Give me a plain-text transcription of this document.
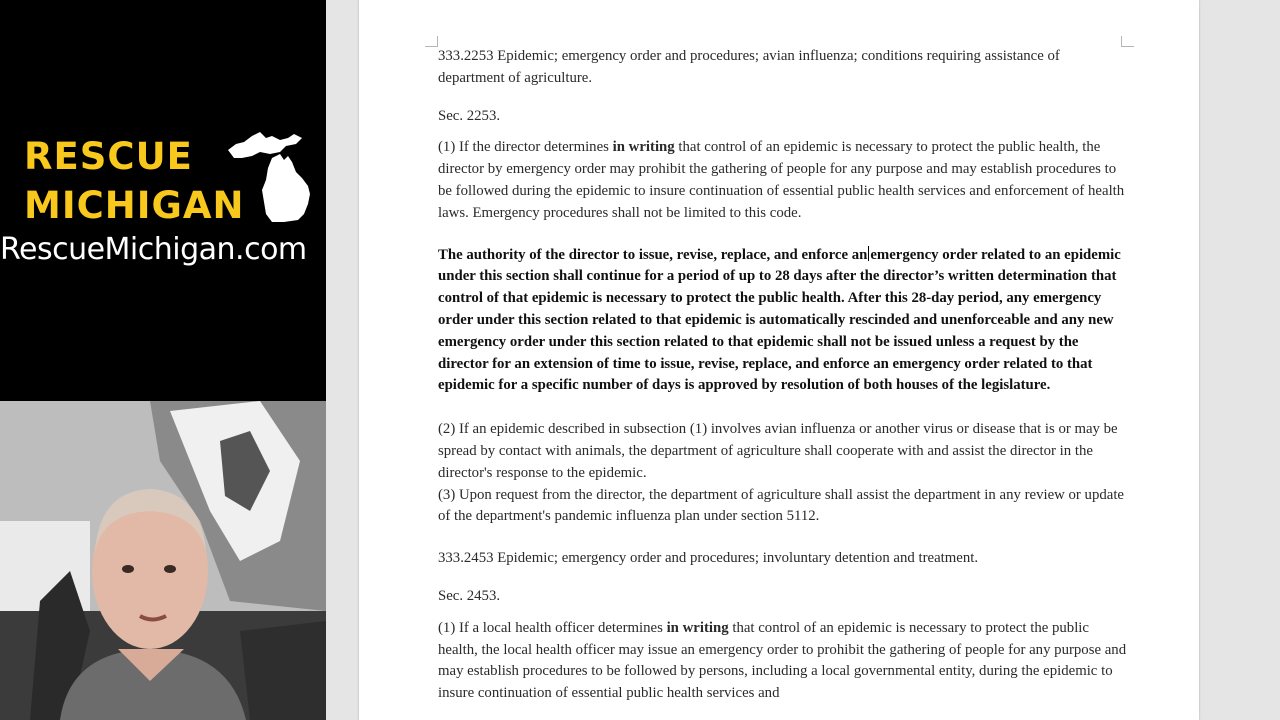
RESCUE
MICHIGAN
RescueMichigan.com

333.2253 Epidemic; emergency order and procedures; avian influenza; conditions requiring assistance of department of agriculture.

Sec. 2253.

(1) If the director determines in writing that control of an epidemic is necessary to protect the public health, the director by emergency order may prohibit the gathering of people for any purpose and may establish procedures to be followed during the epidemic to insure continuation of essential public health services and enforcement of health laws. Emergency procedures shall not be limited to this code.

The authority of the director to issue, revise, replace, and enforce an emergency order related to an epidemic under this section shall continue for a period of up to 28 days after the director’s written determination that control of that epidemic is necessary to protect the public health. After this 28-day period, any emergency order under this section related to that epidemic is automatically rescinded and unenforceable and any new emergency order under this section related to that epidemic shall not be issued unless a request by the director for an extension of time to issue, revise, replace, and enforce an emergency order related to that epidemic for a specific number of days is approved by resolution of both houses of the legislature.

(2) If an epidemic described in subsection (1) involves avian influenza or another virus or disease that is or may be spread by contact with animals, the department of agriculture shall cooperate with and assist the director in the director's response to the epidemic.

(3) Upon request from the director, the department of agriculture shall assist the department in any review or update of the department's pandemic influenza plan under section 5112.

333.2453 Epidemic; emergency order and procedures; involuntary detention and treatment.

Sec. 2453.

(1) If a local health officer determines in writing that control of an epidemic is necessary to protect the public health, the local health officer may issue an emergency order to prohibit the gathering of people for any purpose and may establish procedures to be followed by persons, including a local governmental entity, during the epidemic to insure continuation of essential public health services and
